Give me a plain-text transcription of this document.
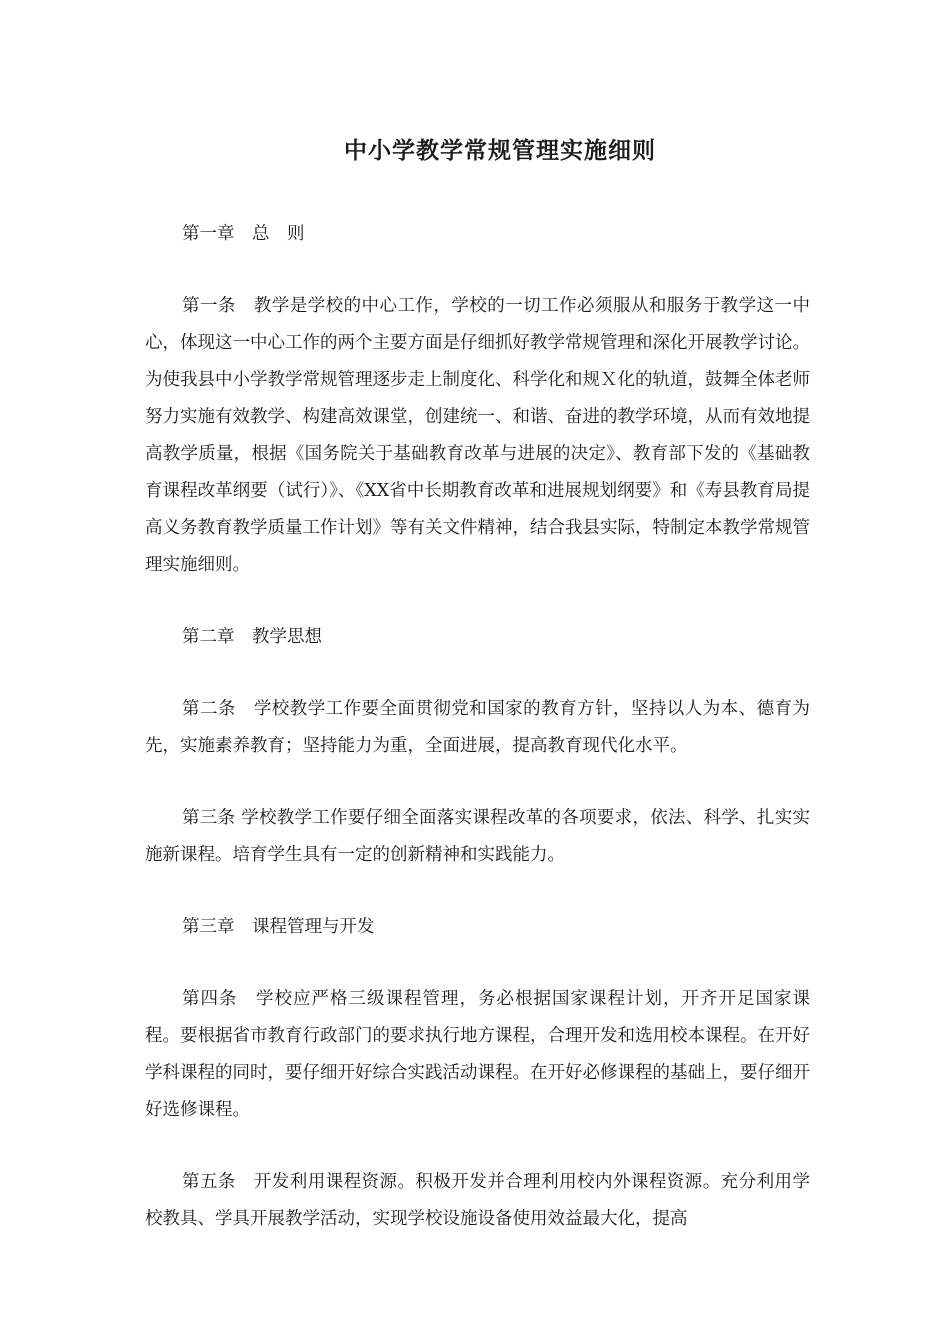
中小学教学常规管理实施细则

第一章　总　则

第一条　教学是学校的中心工作，学校的一切工作必须服从和服务于教学这一中心，体现这一中心工作的两个主要方面是仔细抓好教学常规管理和深化开展教学讨论。为使我县中小学教学常规管理逐步走上制度化、科学化和规Ｘ化的轨道，鼓舞全体老师努力实施有效教学、构建高效课堂，创建统一、和谐、奋进的教学环境，从而有效地提高教学质量，根据《国务院关于基础教育改革与进展的决定》、教育部下发的《基础教育课程改革纲要（试行）》、《XX省中长期教育改革和进展规划纲要》和《寿县教育局提高义务教育教学质量工作计划》等有关文件精神，结合我县实际，特制定本教学常规管理实施细则。

第二章　教学思想

第二条　学校教学工作要全面贯彻党和国家的教育方针，坚持以人为本、德育为先，实施素养教育；坚持能力为重，全面进展，提高教育现代化水平。

第三条 学校教学工作要仔细全面落实课程改革的各项要求，依法、科学、扎实实施新课程。培育学生具有一定的创新精神和实践能力。

第三章　课程管理与开发

第四条　学校应严格三级课程管理，务必根据国家课程计划，开齐开足国家课程。要根据省市教育行政部门的要求执行地方课程，合理开发和选用校本课程。在开好学科课程的同时，要仔细开好综合实践活动课程。在开好必修课程的基础上，要仔细开好选修课程。

第五条　开发利用课程资源。积极开发并合理利用校内外课程资源。充分利用学校教具、学具开展教学活动，实现学校设施设备使用效益最大化，提高
